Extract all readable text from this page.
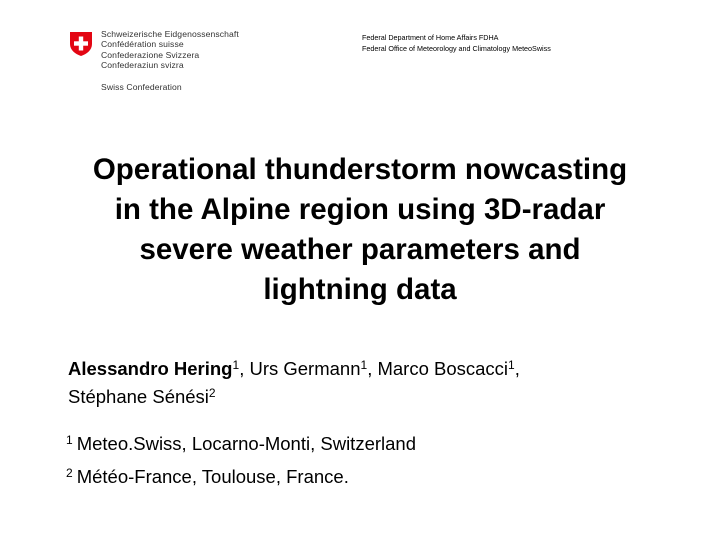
Schweizerische Eidgenossenschaft
Confédération suisse
Confederazione Svizzera
Confederaziun svizra
Swiss Confederation
Federal Department of Home Affairs FDHA
Federal Office of Meteorology and Climatology MeteoSwiss
Operational thunderstorm nowcasting
in the Alpine region using 3D-radar
severe weather parameters and
lightning data
Alessandro Hering$^1$, Urs Germann$^1$, Marco Boscacci$^1$,
Stéphane Sénési$^2$
$^1$ Meteo.Swiss, Locarno-Monti, Switzerland
$^2$ Météo-France, Toulouse, France.
